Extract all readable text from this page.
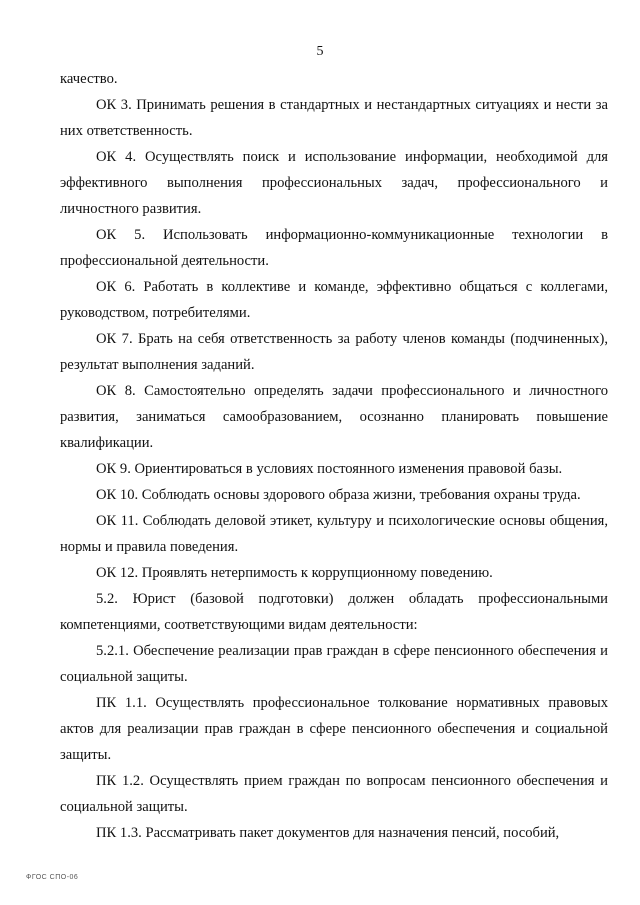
5

качество.

ОК 3. Принимать решения в стандартных и нестандартных ситуациях и нести за них ответственность.

ОК 4. Осуществлять поиск и использование информации, необходимой для эффективного выполнения профессиональных задач, профессионального и личностного развития.

ОК 5. Использовать информационно-коммуникационные технологии в профессиональной деятельности.

ОК 6. Работать в коллективе и команде, эффективно общаться с коллегами, руководством, потребителями.

ОК 7. Брать на себя ответственность за работу членов команды (подчиненных), результат выполнения заданий.

ОК 8. Самостоятельно определять задачи профессионального и личностного развития, заниматься самообразованием, осознанно планировать повышение квалификации.

ОК 9. Ориентироваться в условиях постоянного изменения правовой базы.

ОК 10. Соблюдать основы здорового образа жизни, требования охраны труда.

ОК 11. Соблюдать деловой этикет, культуру и психологические основы общения, нормы и правила поведения.

ОК 12. Проявлять нетерпимость к коррупционному поведению.

5.2. Юрист (базовой подготовки) должен обладать профессиональными компетенциями, соответствующими видам деятельности:

5.2.1. Обеспечение реализации прав граждан в сфере пенсионного обеспечения и социальной защиты.

ПК 1.1. Осуществлять профессиональное толкование нормативных правовых актов для реализации прав граждан в сфере пенсионного обеспечения и социальной защиты.

ПК 1.2. Осуществлять прием граждан по вопросам пенсионного обеспечения и социальной защиты.

ПК 1.3. Рассматривать пакет документов для назначения пенсий, пособий,

ФГОС СПО-06
